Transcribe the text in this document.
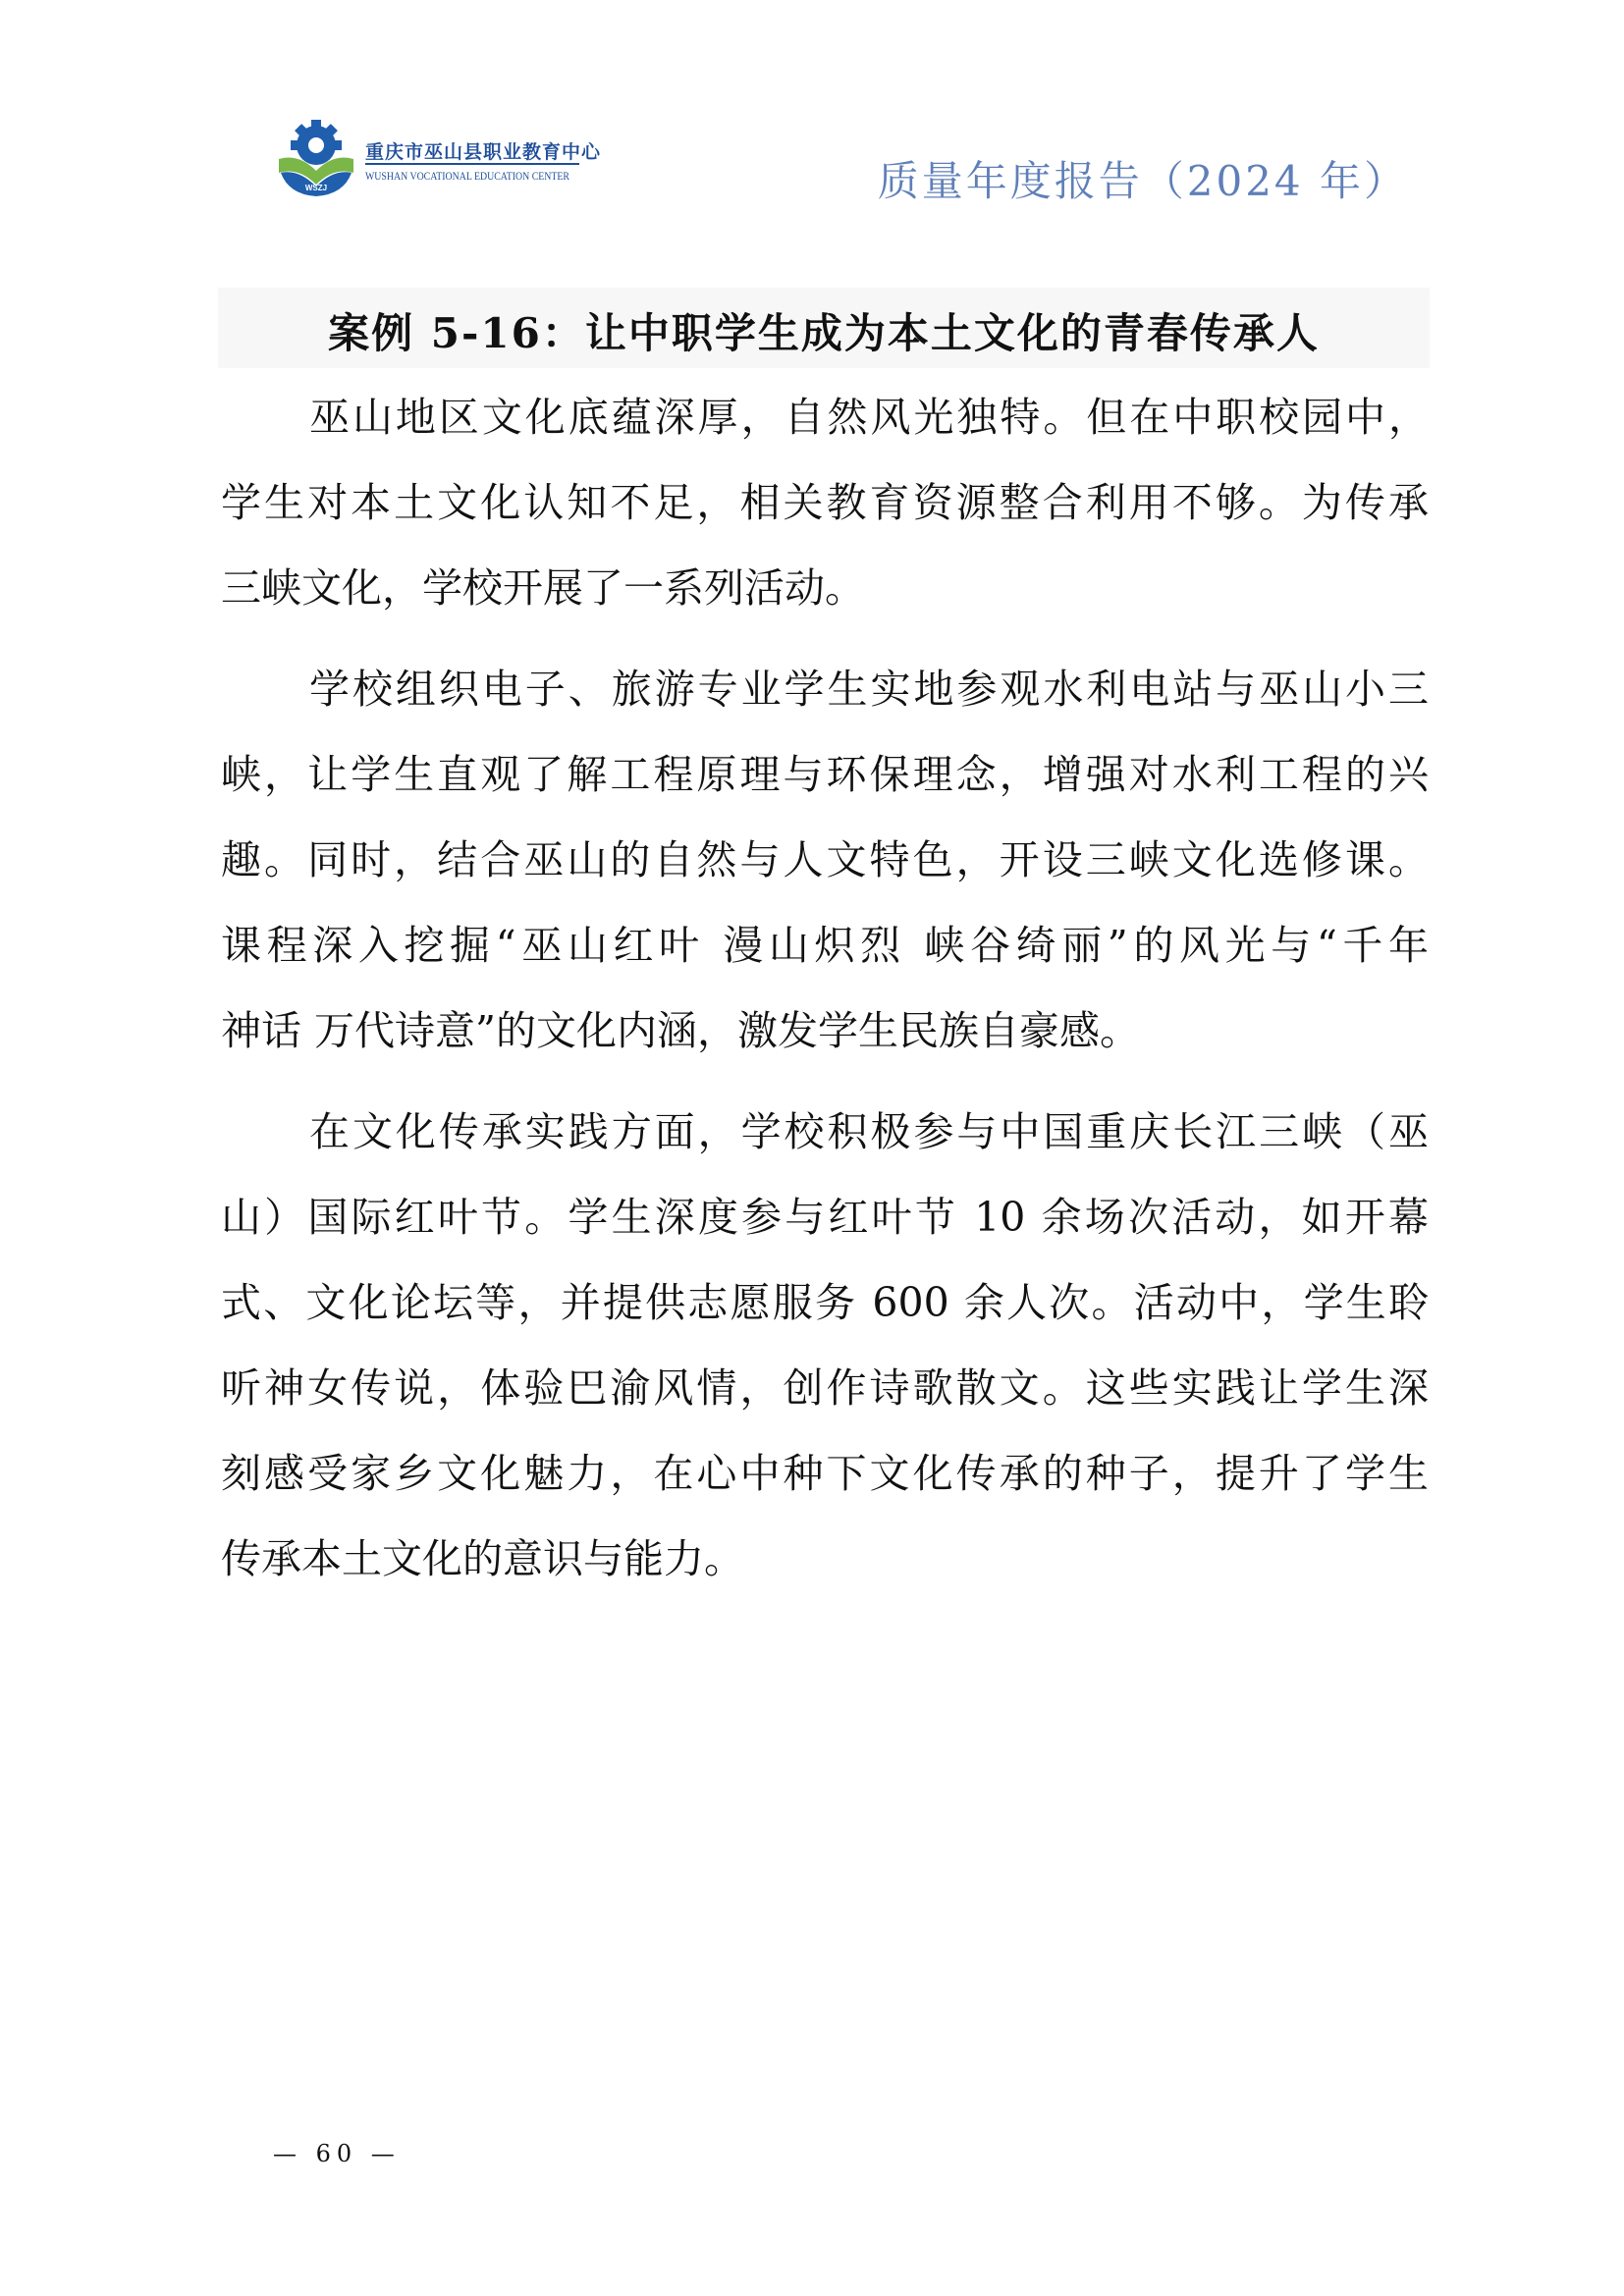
WSZJ
重庆市巫山县职业教育中心
WUSHAN VOCATIONAL EDUCATION CENTER	质量年度报告（2024 年）
案例 5-16：让中职学生成为本土文化的青春传承人
巫山地区文化底蕴深厚，自然风光独特。但在中职校园中，
学生对本土文化认知不足，相关教育资源整合利用不够。为传承
三峡文化，学校开展了一系列活动。
学校组织电子、旅游专业学生实地参观水利电站与巫山小三
峡，让学生直观了解工程原理与环保理念，增强对水利工程的兴
趣。同时，结合巫山的自然与人文特色，开设三峡文化选修课。
课程深入挖掘“巫山红叶 漫山炽烈 峡谷绮丽”的风光与“千年
神话 万代诗意”的文化内涵，激发学生民族自豪感。
在文化传承实践方面，学校积极参与中国重庆长江三峡（巫
山）国际红叶节。学生深度参与红叶节 10 余场次活动，如开幕
式、文化论坛等，并提供志愿服务 600 余人次。活动中，学生聆
听神女传说，体验巴渝风情，创作诗歌散文。这些实践让学生深
刻感受家乡文化魅力，在心中种下文化传承的种子，提升了学生
传承本土文化的意识与能力。
— 60 —
